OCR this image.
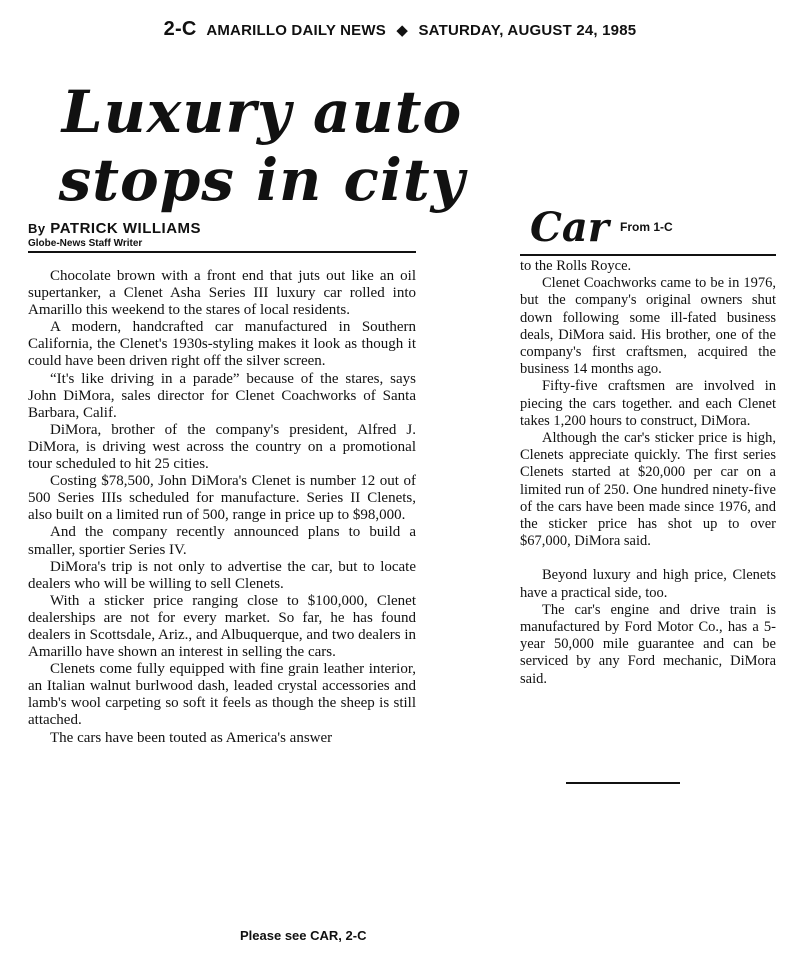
2-C AMARILLO DAILY NEWS ◆ SATURDAY, AUGUST 24, 1985
Luxury auto stops in city
By PATRICK WILLIAMS
Globe-News Staff Writer

Chocolate brown with a front end that juts out like an oil supertanker, a Clenet Asha Series III luxury car rolled into Amarillo this weekend to the stares of local residents.

A modern, handcrafted car manufactured in Southern California, the Clenet's 1930s-styling makes it look as though it could have been driven right off the silver screen.

“It's like driving in a parade” because of the stares, says John DiMora, sales director for Clenet Coachworks of Santa Barbara, Calif.

DiMora, brother of the company's president, Alfred J. DiMora, is driving west across the country on a promotional tour scheduled to hit 25 cities.

Costing $78,500, John DiMora's Clenet is number 12 out of 500 Series IIIs scheduled for manufacture. Series II Clenets, also built on a limited run of 500, range in price up to $98,000.

And the company recently announced plans to build a smaller, sportier Series IV.

DiMora's trip is not only to advertise the car, but to locate dealers who will be willing to sell Clenets.

With a sticker price ranging close to $100,000, Clenet dealerships are not for every market. So far, he has found dealers in Scottsdale, Ariz., and Albuquerque, and two dealers in Amarillo have shown an interest in selling the cars.

Clenets come fully equipped with fine grain leather interior, an Italian walnut burlwood dash, leaded crystal accessories and lamb's wool carpeting so soft it feels as though the sheep is still attached.

The cars have been touted as America's answer

Please see CAR, 2-C
Car From 1-C

to the Rolls Royce.

Clenet Coachworks came to be in 1976, but the company's original owners shut down following some ill-fated business deals, DiMora said. His brother, one of the company's first craftsmen, acquired the business 14 months ago.

Fifty-five craftsmen are involved in piecing the cars together. and each Clenet takes 1,200 hours to construct, DiMora.

Although the car's sticker price is high, Clenets appreciate quickly. The first series Clenets started at $20,000 per car on a limited run of 250. One hundred ninety-five of the cars have been made since 1976, and the sticker price has shot up to over $67,000, DiMora said.

Beyond luxury and high price, Clenets have a practical side, too.

The car's engine and drive train is manufactured by Ford Motor Co., has a 5-year 50,000 mile guarantee and can be serviced by any Ford mechanic, DiMora said.
